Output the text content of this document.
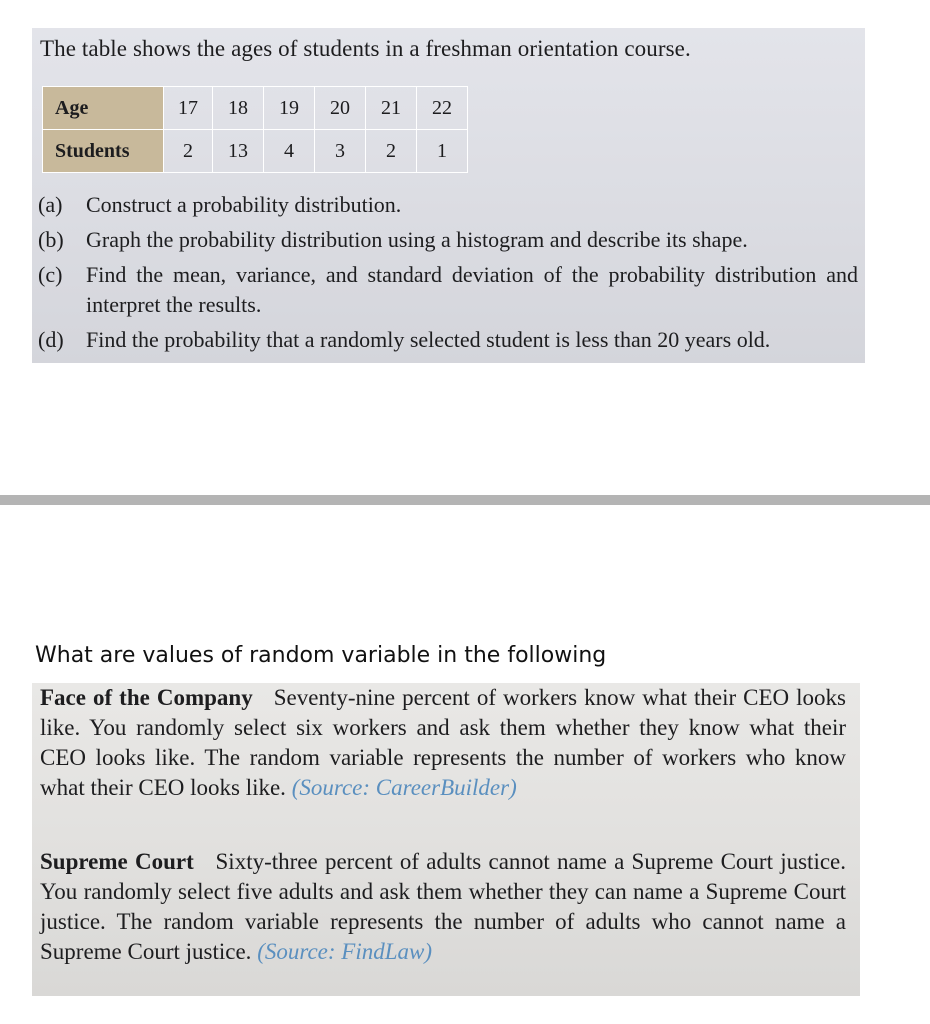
The table shows the ages of students in a freshman orientation course.
Age	17	18	19	20	21	22
Students	2	13	4	3	2	1
(a) Construct a probability distribution.
(b) Graph the probability distribution using a histogram and describe its shape.
(c) Find the mean, variance, and standard deviation of the probability distribution and interpret the results.
(d) Find the probability that a randomly selected student is less than 20 years old.
What are values of random variable in the following
Face of the Company Seventy-nine percent of workers know what their CEO looks like. You randomly select six workers and ask them whether they know what their CEO looks like. The random variable represents the number of workers who know what their CEO looks like. (Source: CareerBuilder)
Supreme Court Sixty-three percent of adults cannot name a Supreme Court justice. You randomly select five adults and ask them whether they can name a Supreme Court justice. The random variable represents the number of adults who cannot name a Supreme Court justice. (Source: FindLaw)
